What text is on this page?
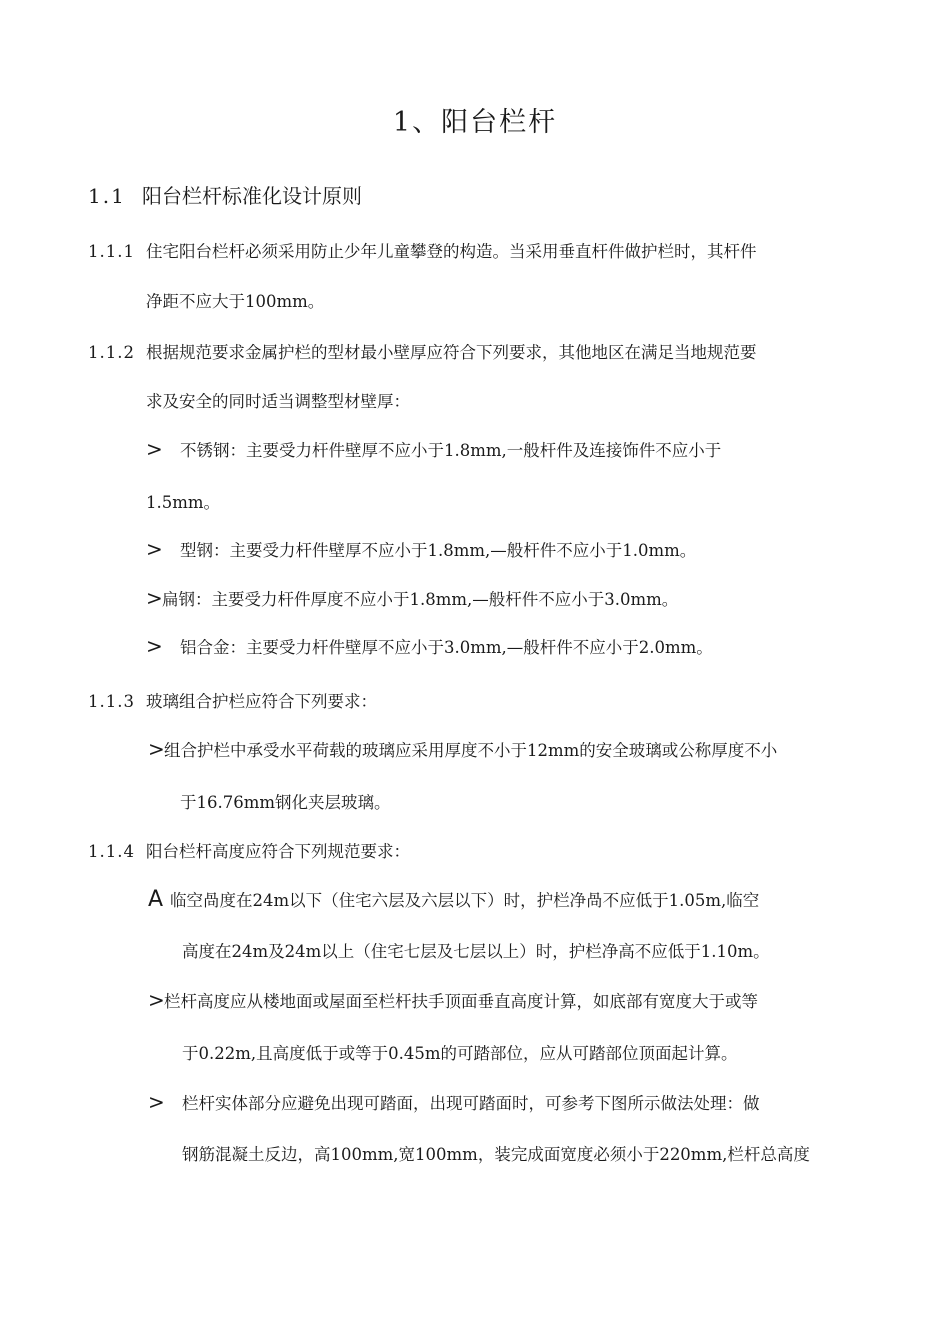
1、阳台栏杆
1.1 阳台栏杆标准化设计原则
1.1.1 住宅阳台栏杆必须采用防止少年儿童攀登的构造。当采用垂直杆件做护栏时，其杆件
净距不应大于100mm。
1.1.2 根据规范要求金属护栏的型材最小壁厚应符合下列要求，其他地区在满足当地规范要
求及安全的同时适当调整型材壁厚：
> 不锈钢：主要受力杆件壁厚不应小于1.8mm,一般杆件及连接饰件不应小于
1.5mm。
> 型钢：主要受力杆件壁厚不应小于1.8mm,—般杆件不应小于1.0mm。
>扁钢：主要受力杆件厚度不应小于1.8mm,—般杆件不应小于3.0mm。
> 铝合金：主要受力杆件壁厚不应小于3.0mm,—般杆件不应小于2.0mm。
1.1.3 玻璃组合护栏应符合下列要求：
>组合护栏中承受水平荷载的玻璃应采用厚度不小于12mm的安全玻璃或公称厚度不小
于16.76mm钢化夹层玻璃。
1.1.4 阳台栏杆高度应符合下列规范要求：
A 临空咼度在24m以下（住宅六层及六层以下）时，护栏净咼不应低于1.05m,临空
高度在24m及24m以上（住宅七层及七层以上）时，护栏净高不应低于1.10m。
>栏杆高度应从楼地面或屋面至栏杆扶手顶面垂直高度计算，如底部有宽度大于或等
于0.22m,且高度低于或等于0.45m的可踏部位，应从可踏部位顶面起计算。
> 栏杆实体部分应避免出现可踏面，出现可踏面时，可参考下图所示做法处理：做
钢筋混凝土反边，高100mm,宽100mm，装完成面宽度必须小于220mm,栏杆总高度
